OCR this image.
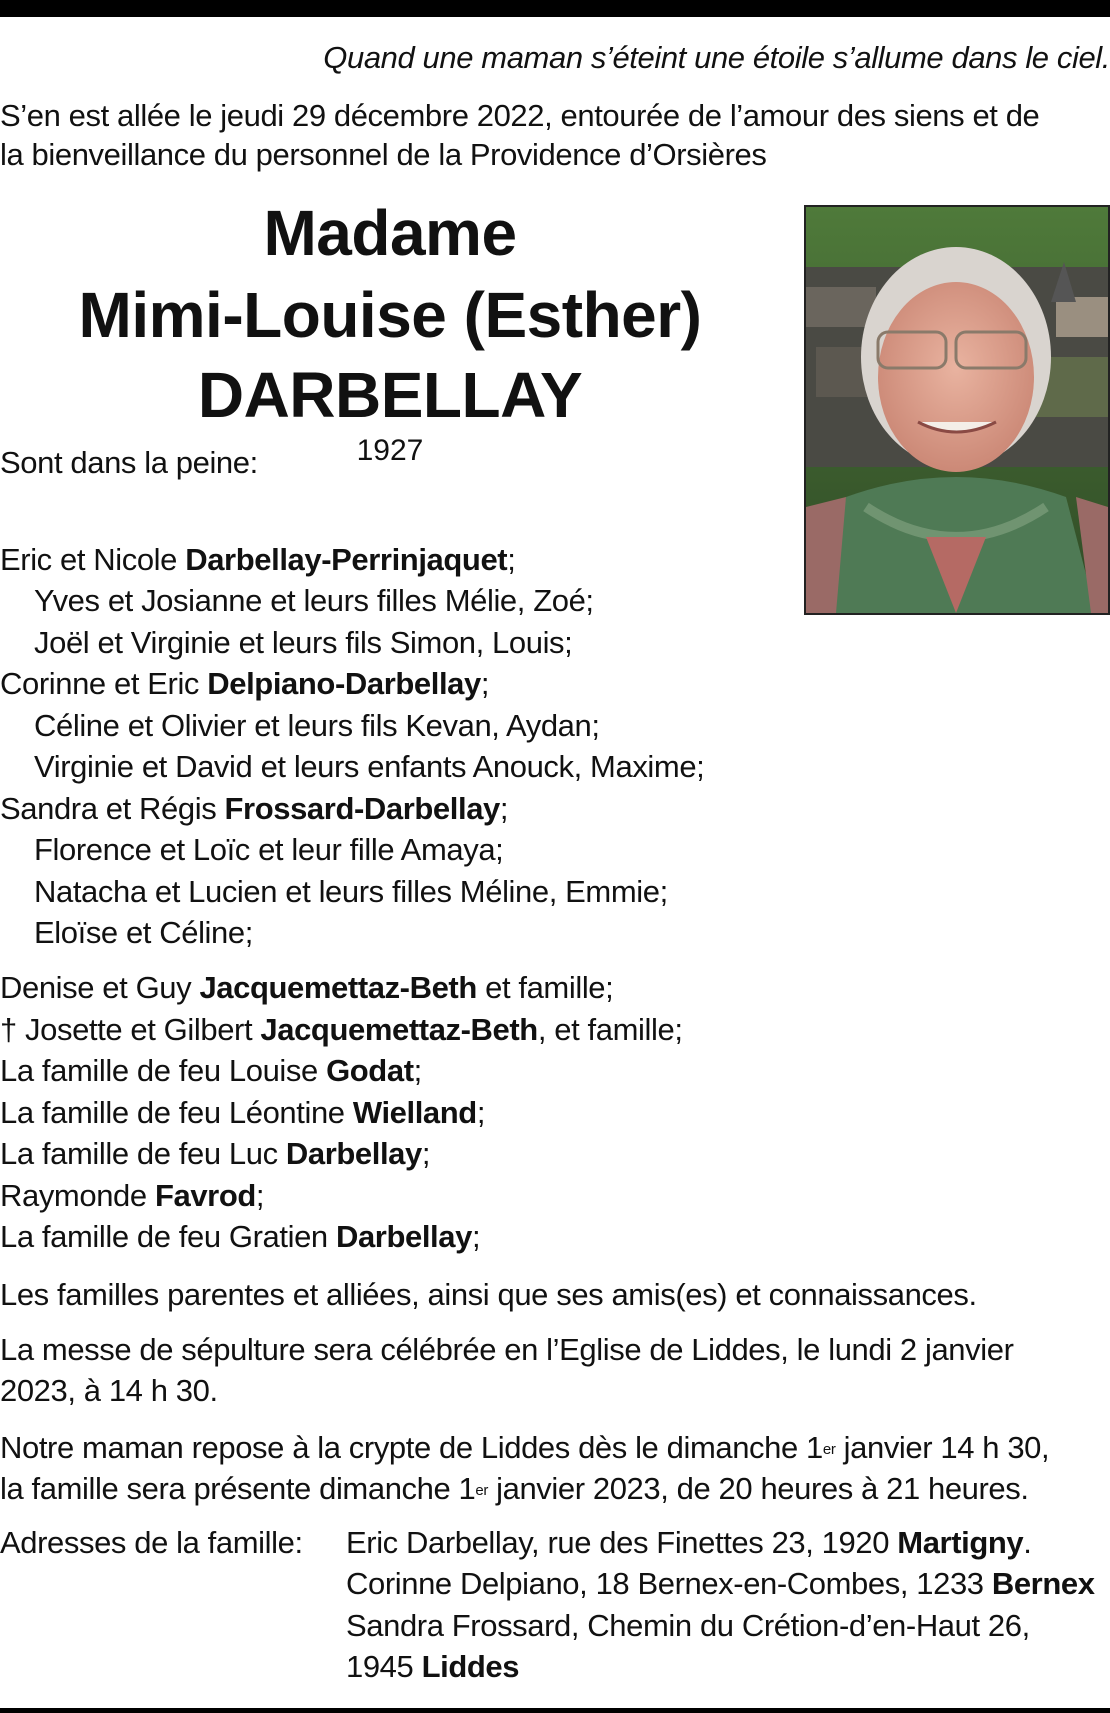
Quand une maman s’éteint une étoile s’allume dans le ciel.
S’en est allée le jeudi 29 décembre 2022, entourée de l’amour des siens et de
la bienveillance du personnel de la Providence d’Orsières
Madame
Mimi-Louise (Esther)
DARBELLAY
1927
Sont dans la peine:
Eric et Nicole Darbellay-Perrinjaquet;
Yves et Josianne et leurs filles Mélie, Zoé;
Joël et Virginie et leurs fils Simon, Louis;
Corinne et Eric Delpiano-Darbellay;
Céline et Olivier et leurs fils Kevan, Aydan;
Virginie et David et leurs enfants Anouck, Maxime;
Sandra et Régis Frossard-Darbellay;
Florence et Loïc et leur fille Amaya;
Natacha et Lucien et leurs filles Méline, Emmie;
Eloïse et Céline;
Denise et Guy Jacquemettaz-Beth et famille;
† Josette et Gilbert Jacquemettaz-Beth, et famille;
La famille de feu Louise Godat;
La famille de feu Léontine Wielland;
La famille de feu Luc Darbellay;
Raymonde Favrod;
La famille de feu Gratien Darbellay;
Les familles parentes et alliées, ainsi que ses amis(es) et connaissances.
La messe de sépulture sera célébrée en l’Eglise de Liddes, le lundi 2 janvier
2023, à 14 h 30.
Notre maman repose à la crypte de Liddes dès le dimanche 1er janvier 14 h 30,
la famille sera présente dimanche 1er janvier 2023, de 20 heures à 21 heures.
Adresses de la famille: Eric Darbellay, rue des Finettes 23, 1920 Martigny.
Corinne Delpiano, 18 Bernex-en-Combes, 1233 Bernex
Sandra Frossard, Chemin du Crétion-d’en-Haut 26,
1945 Liddes
